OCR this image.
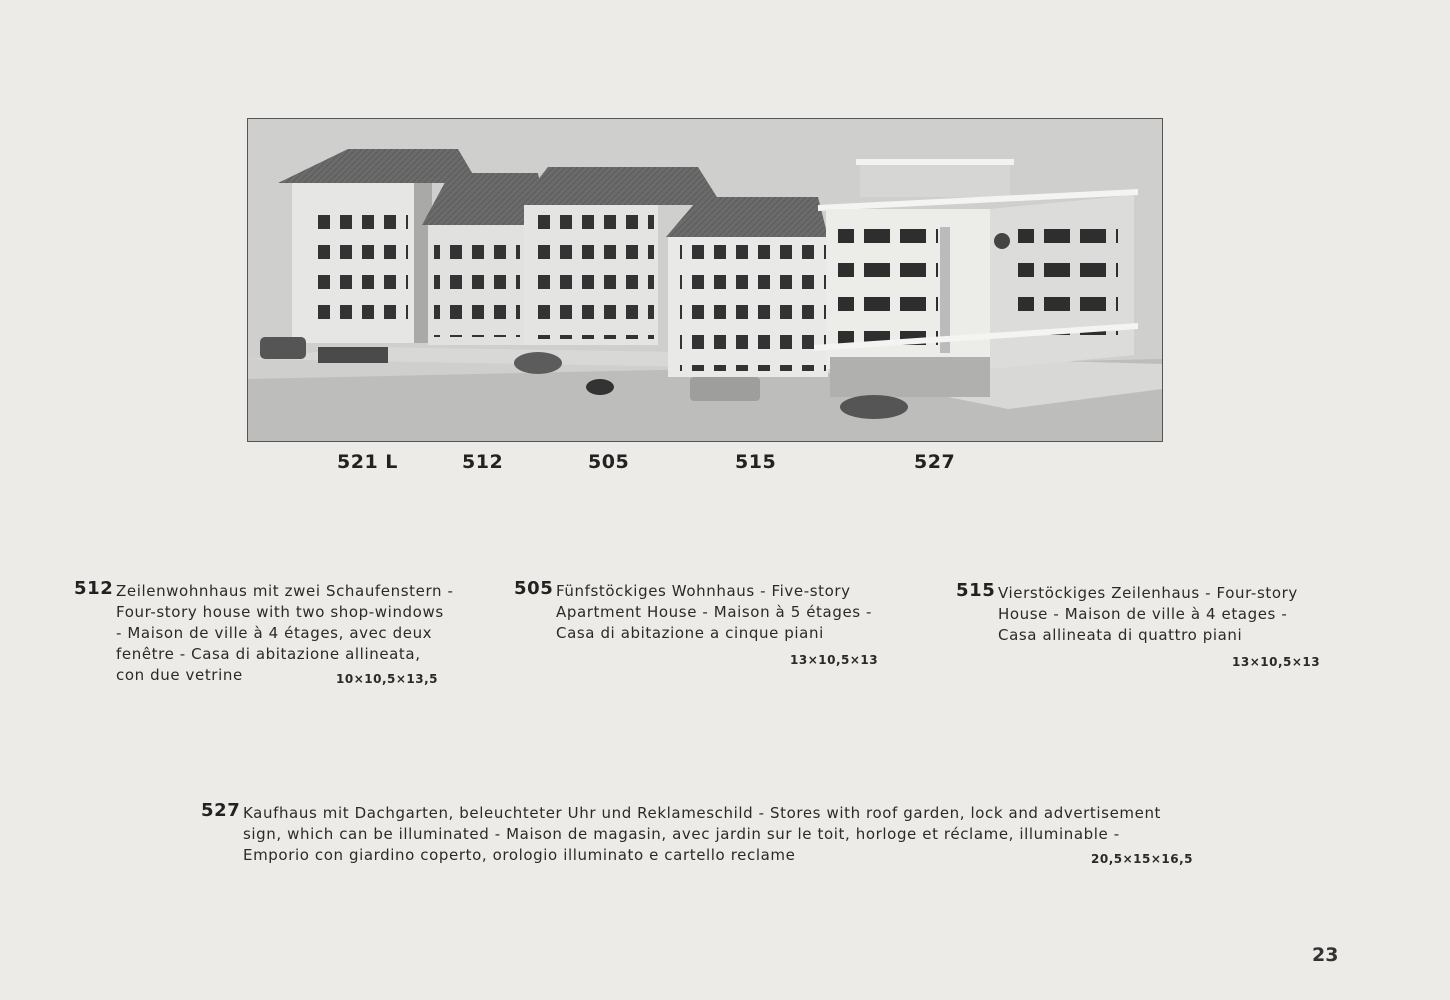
521 L	512	505	515	527
512 Zeilenwohnhaus mit zwei Schaufenstern -
Four-story house with two shop-windows
- Maison de ville à 4 étages, avec deux
fenêtre - Casa di abitazione allineata,
con due vetrine	10×10,5×13,5
505 Fünfstöckiges Wohnhaus - Five-story
Apartment House - Maison à 5 étages -
Casa di abitazione a cinque piani
13×10,5×13
515 Vierstöckiges Zeilenhaus - Four-story
House - Maison de ville à 4 etages -
Casa allineata di quattro piani
13×10,5×13
527 Kaufhaus mit Dachgarten, beleuchteter Uhr und Reklameschild - Stores with roof garden, lock and advertisement
sign, which can be illuminated - Maison de magasin, avec jardin sur le toit, horloge et réclame, illuminable -
Emporio con giardino coperto, orologio illuminato e cartello reclame	20,5×15×16,5
23
